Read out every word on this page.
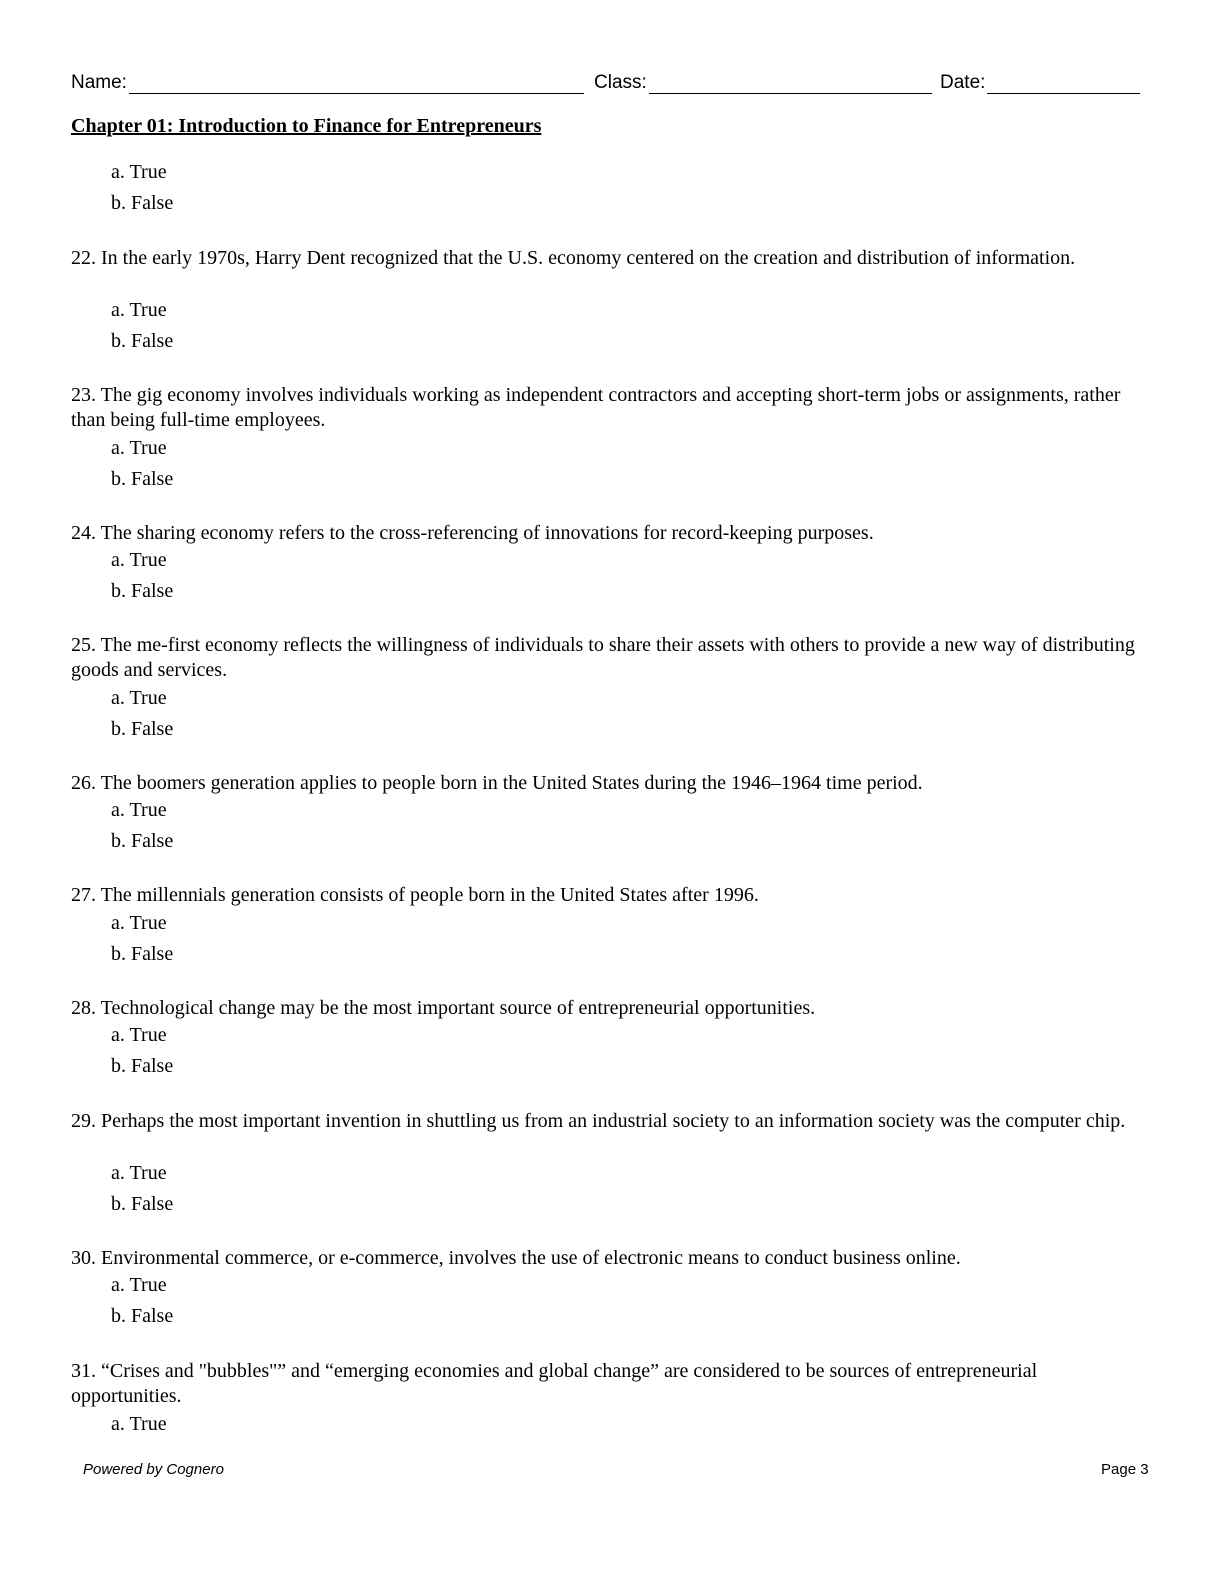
Name:	Class:	Date:
Chapter 01: Introduction to Finance for Entrepreneurs
a. True
b. False
22. In the early 1970s, Harry Dent recognized that the U.S. economy centered on the creation and distribution of information.
a. True
b. False
23. The gig economy involves individuals working as independent contractors and accepting short-term jobs or assignments, rather than being full-time employees.
a. True
b. False
24. The sharing economy refers to the cross-referencing of innovations for record-keeping purposes.
a. True
b. False
25. The me-first economy reflects the willingness of individuals to share their assets with others to provide a new way of distributing goods and services.
a. True
b. False
26. The boomers generation applies to people born in the United States during the 1946–1964 time period.
a. True
b. False
27. The millennials generation consists of people born in the United States after 1996.
a. True
b. False
28. Technological change may be the most important source of entrepreneurial opportunities.
a. True
b. False
29. Perhaps the most important invention in shuttling us from an industrial society to an information society was the computer chip.
a. True
b. False
30. Environmental commerce, or e-commerce, involves the use of electronic means to conduct business online.
a. True
b. False
31. “Crises and "bubbles"” and “emerging economies and global change” are considered to be sources of entrepreneurial opportunities.
a. True
Powered by Cognero	Page 3
